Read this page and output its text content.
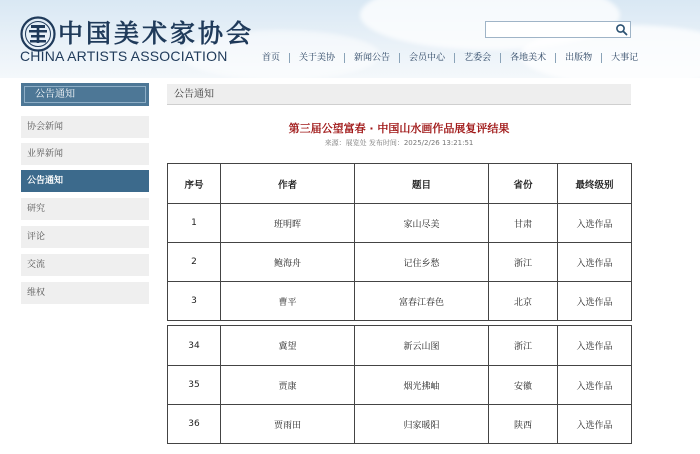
中国美术家协会
CHINA ARTISTS ASSOCIATION	首页	关于美协	新闻公告	会员中心	艺委会	各地美术	出版物	大事记
公告通知
协会新闻
业界新闻
公告通知
研究
评论
交流
维权
公告通知
第三届公望富春 · 中国山水画作品展复评结果
来源：展览处 发布时间：2025/2/26 13:21:51
序号	作者	题目	省份	最终级别
1	班明晖	家山尽美	甘肃	入选作品
2	鲍海舟	记住乡愁	浙江	入选作品
3	曹平	富春江春色	北京	入选作品
34	冀望	新云山图	浙江	入选作品
35	贾康	烟光拂岫	安徽	入选作品
36	贾雨田	归家暖阳	陕西	入选作品
